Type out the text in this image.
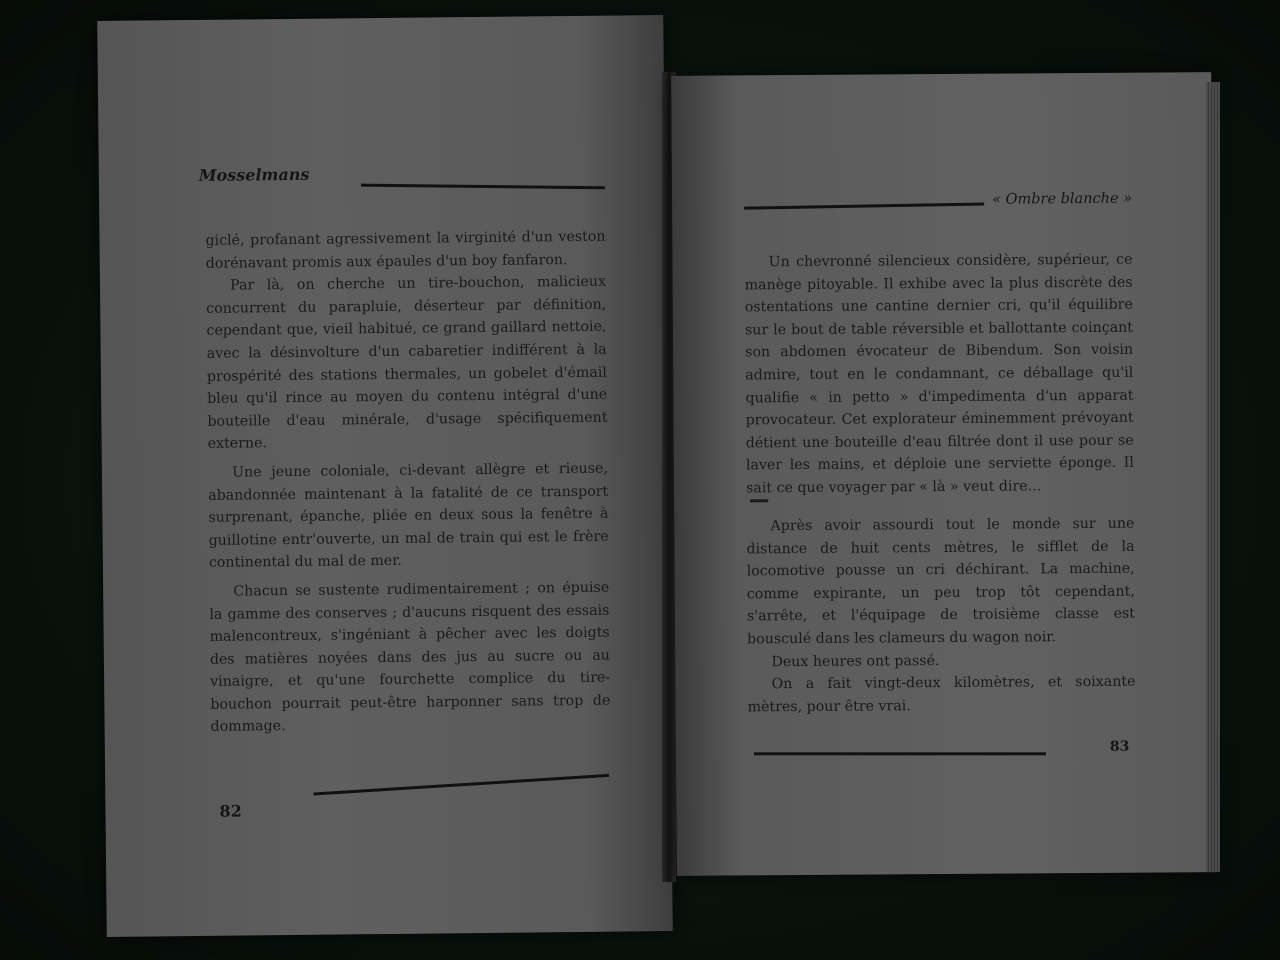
Mosselmans

giclé, profanant agressivement la virginité d'un veston dorénavant promis aux épaules d'un boy fanfaron.

Par là, on cherche un tire-bouchon, malicieux concurrent du parapluie, déserteur par définition, cependant que, vieil habitué, ce grand gaillard nettoie, avec la désinvolture d'un cabaretier indifférent à la prospérité des stations thermales, un gobelet d'émail bleu qu'il rince au moyen du contenu intégral d'une bouteille d'eau minérale, d'usage spécifiquement externe.

Une jeune coloniale, ci-devant allègre et rieuse, abandonnée maintenant à la fatalité de ce transport surprenant, épanche, pliée en deux sous la fenêtre à guillotine entr'ouverte, un mal de train qui est le frère continental du mal de mer.

Chacun se sustente rudimentairement ; on épuise la gamme des conserves ; d'aucuns risquent des essais malencontreux, s'ingéniant à pêcher avec les doigts des matières noyées dans des jus au sucre ou au vinaigre, et qu'une fourchette complice du tire-bouchon pourrait peut-être harponner sans trop de dommage.

82
« Ombre blanche »

Un chevronné silencieux considère, supérieur, ce manège pitoyable. Il exhibe avec la plus discrète des ostentations une cantine dernier cri, qu'il équilibre sur le bout de table réversible et ballottante coinçant son abdomen évocateur de Bibendum. Son voisin admire, tout en le condamnant, ce déballage qu'il qualifie « in petto » d'impedimenta d'un apparat provocateur. Cet explorateur éminemment prévoyant détient une bouteille d'eau filtrée dont il use pour se laver les mains, et déploie une serviette éponge. Il sait ce que voyager par « là » veut dire...

Après avoir assourdi tout le monde sur une distance de huit cents mètres, le sifflet de la locomotive pousse un cri déchirant. La machine, comme expirante, un peu trop tôt cependant, s'arrête, et l'équipage de troisième classe est bousculé dans les clameurs du wagon noir.

Deux heures ont passé.

On a fait vingt-deux kilomètres, et soixante mètres, pour être vrai.

83
